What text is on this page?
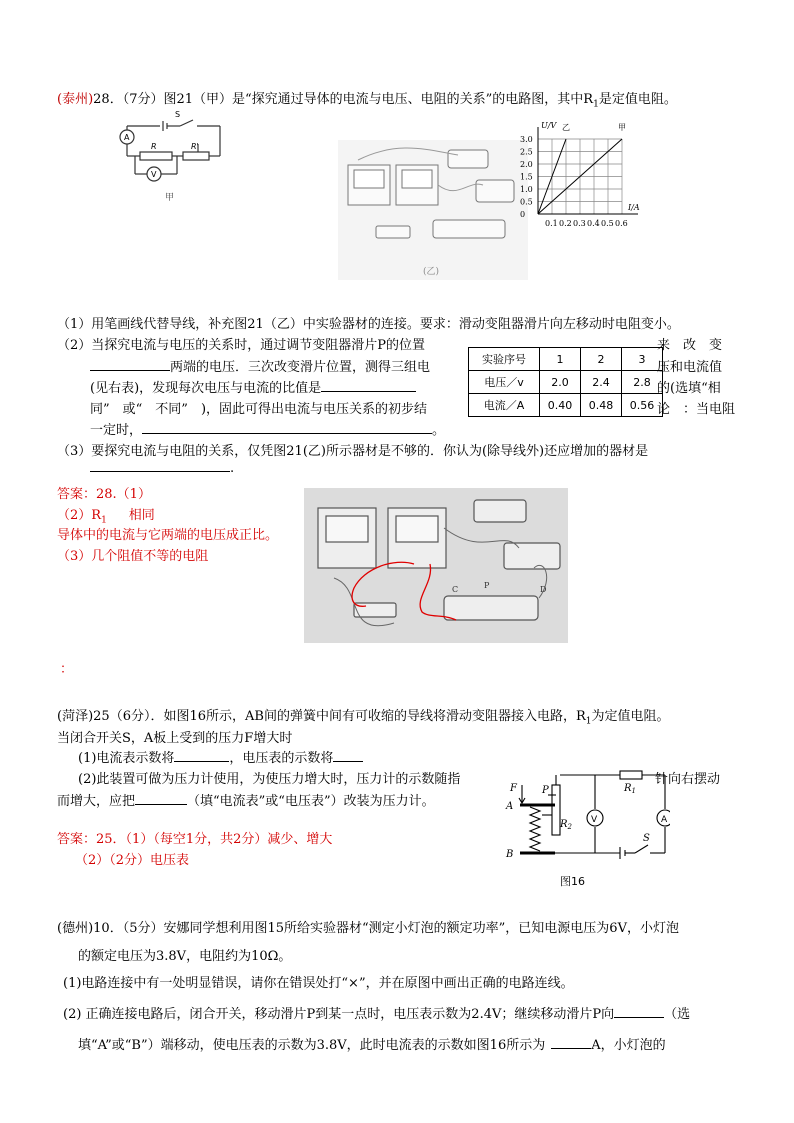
(泰州)28．（7分）图21（甲）是“探究通过导体的电流与电压、电阻的关系”的电路图，其中$R_1$是定值电阻。
A
V
S
R	R'
甲
(乙)
3.0
2.5
2.0
1.5
1.0
0.5
0
0.1 0.2 0.3 0.4 0.5 0.6
U/V
I/A
乙	甲
（1）用笔画线代替导线，补充图21（乙）中实验器材的连接。要求：滑动变阻器滑片向左移动时电阻变小。
（2）当探究电流与电压的关系时，通过调节变阻器滑片P的位置	来　改　变
两端的电压．三次改变滑片位置，测得三组电	压和电流值
(见右表)，发现每次电压与电流的比值是	的(选填“相
同”　或“　不同”　)，固此可得出电流与电压关系的初步结	论　：当电阻
一定时，	。
实验序号	1	2	3
电压／v	2.0	2.4	2.8
电流／A	0.40	0.48	0.56
（3）要探究电流与电阻的关系，仅凭图21(乙)所示器材是不够的．你认为(除导线外)还应增加的器材是
.
答案：28.（1）
$(2)R_1$ 相同
导体中的电流与它两端的电压成正比。
（3）几个阻值不等的电阻
C	P	D
：
(菏泽)25（6分）．如图16所示，AB间的弹簧中间有可收缩的导线将滑动变阻器接入电路，$R_1$为定值电阻。
当闭合开关S，A板上受到的压力F增大时
(1)电流表示数将	，电压表的示数将
(2)此装置可做为压力计使用，为使压力增大时，压力计的示数随指	针向右摆动
而增大，应把	（填“电流表”或“电压表”）改装为压力计。
答案：25．（1）（每空1分，共2分）减少、增大
（2）（2分）电压表
F
A
B
P	$R_1$
$R_2$
S
V	A
图16
(德州)10．（5分）安娜同学想利用图15所给实验器材“测定小灯泡的额定功率”，已知电源电压为6V，小灯泡
的额定电压为3.8V，电阻约为10Ω。
(1)电路连接中有一处明显错误，请你在错误处打“×”，并在原图中画出正确的电路连线。
(2) 正确连接电路后，闭合开关，移动滑片P到某一点时，电压表示数为2.4V；继续移动滑片P向	（选
填“A”或“B”）端移动，使电压表的示数为3.8V，此时电流表的示数如图16所示为	A，小灯泡的
